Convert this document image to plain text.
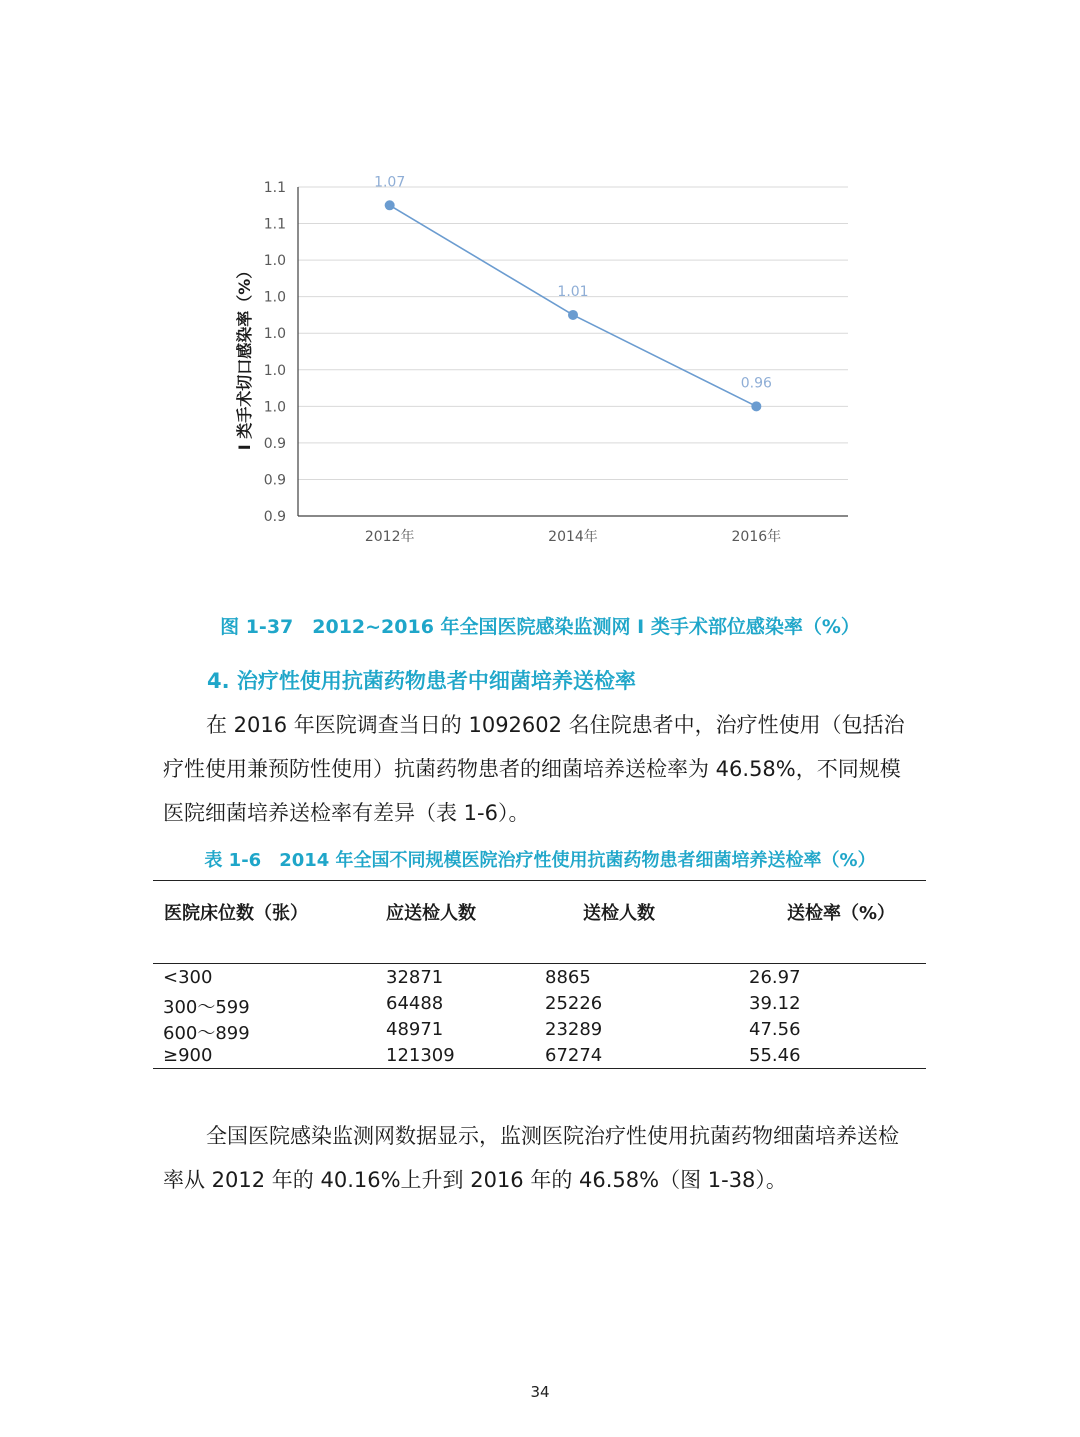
0.9
0.9
0.9
1.0
1.0
1.0
1.0
1.0
1.1
1.1
2012年	2014年	2016年
I 类手术切口感染率（%）
1.07
1.01
0.96
图 1-37　2012~2016 年全国医院感染监测网 I 类手术部位感染率（%）
4. 治疗性使用抗菌药物患者中细菌培养送检率

在 2016 年医院调查当日的 1092602 名住院患者中，治疗性使用（包括治

疗性使用兼预防性使用）抗菌药物患者的细菌培养送检率为 46.58%，不同规模

医院细菌培养送检率有差异（表 1-6）。

表 1-6　2014 年全国不同规模医院治疗性使用抗菌药物患者细菌培养送检率（%）
医院床位数（张）	应送检人数	送检人数	送检率（%）
<300	32871	8865	26.97
300～599	64488	25226	39.12
600～899	48971	23289	47.56
≥900	121309	67274	55.46

全国医院感染监测网数据显示，监测医院治疗性使用抗菌药物细菌培养送检

率从 2012 年的 40.16%上升到 2016 年的 46.58%（图 1-38）。

34
